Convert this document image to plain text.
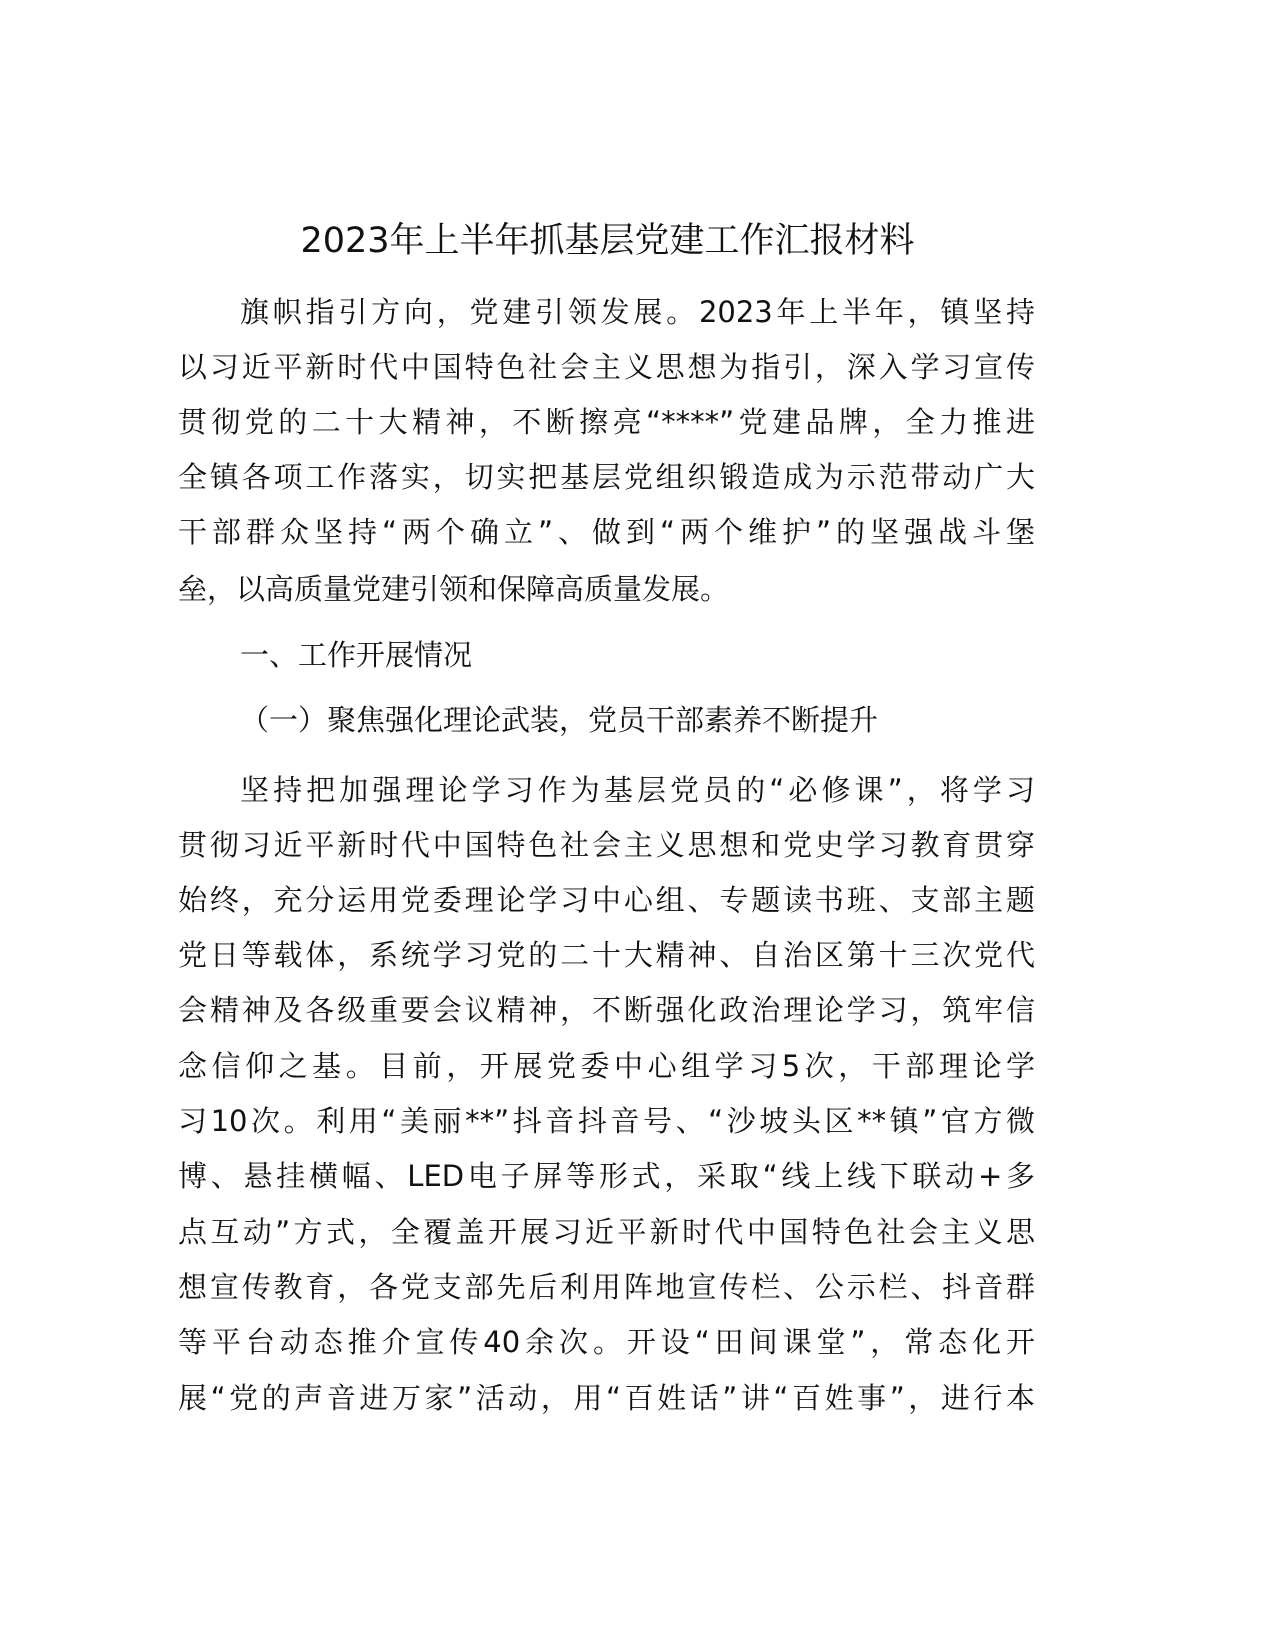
2023年上半年抓基层党建工作汇报材料
旗帜指引方向，党建引领发展。2023年上半年，镇坚持
以习近平新时代中国特色社会主义思想为指引，深入学习宣传
贯彻党的二十大精神，不断擦亮“****”党建品牌，全力推进
全镇各项工作落实，切实把基层党组织锻造成为示范带动广大
干部群众坚持“两个确立”、做到“两个维护”的坚强战斗堡
垒，以高质量党建引领和保障高质量发展。
一、工作开展情况
（一）聚焦强化理论武装，党员干部素养不断提升
坚持把加强理论学习作为基层党员的“必修课”，将学习
贯彻习近平新时代中国特色社会主义思想和党史学习教育贯穿
始终，充分运用党委理论学习中心组、专题读书班、支部主题
党日等载体，系统学习党的二十大精神、自治区第十三次党代
会精神及各级重要会议精神，不断强化政治理论学习，筑牢信
念信仰之基。目前，开展党委中心组学习5次，干部理论学
习10次。利用“美丽**”抖音抖音号、“沙坡头区**镇”官方微
博、悬挂横幅、LED电子屏等形式，采取“线上线下联动+多
点互动”方式，全覆盖开展习近平新时代中国特色社会主义思
想宣传教育，各党支部先后利用阵地宣传栏、公示栏、抖音群
等平台动态推介宣传40余次。开设“田间课堂”，常态化开
展“党的声音进万家”活动，用“百姓话”讲“百姓事”，进行本
